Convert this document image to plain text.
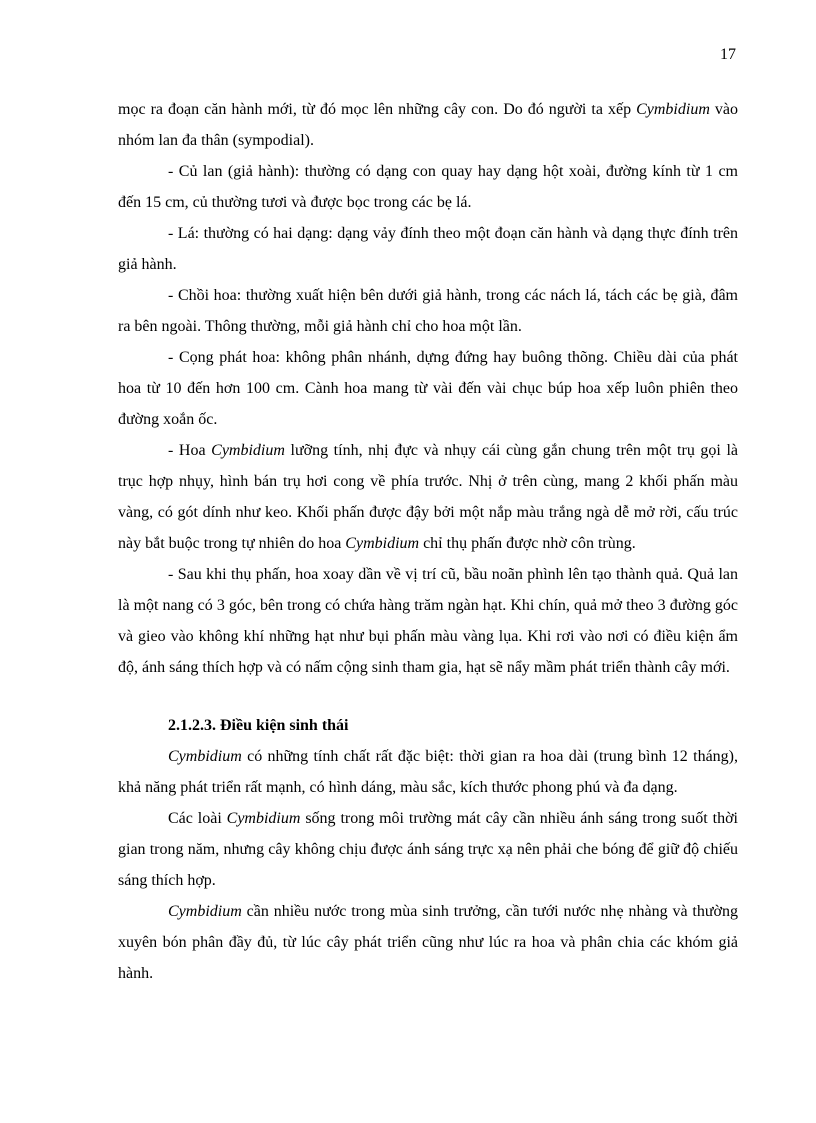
17

mọc ra đoạn căn hành mới, từ đó mọc lên những cây con. Do đó người ta xếp Cymbidium vào nhóm lan đa thân (sympodial).

- Củ lan (giả hành): thường có dạng con quay hay dạng hột xoài, đường kính từ 1 cm đến 15 cm, củ thường tươi và được bọc trong các bẹ lá.

- Lá: thường có hai dạng: dạng vảy đính theo một đoạn căn hành và dạng thực đính trên giả hành.

- Chồi hoa: thường xuất hiện bên dưới giả hành, trong các nách lá, tách các bẹ già, đâm ra bên ngoài. Thông thường, mỗi giả hành chỉ cho hoa một lần.

- Cọng phát hoa: không phân nhánh, dựng đứng hay buông thõng. Chiều dài của phát hoa từ 10 đến hơn 100 cm. Cành hoa mang từ vài đến vài chục búp hoa xếp luôn phiên theo đường xoắn ốc.

- Hoa Cymbidium lưỡng tính, nhị đực và nhụy cái cùng gắn chung trên một trụ gọi là trục hợp nhụy, hình bán trụ hơi cong về phía trước. Nhị ở trên cùng, mang 2 khối phấn màu vàng, có gót dính như keo. Khối phấn được đậy bởi một nắp màu trắng ngà dễ mở rời, cấu trúc này bắt buộc trong tự nhiên do hoa Cymbidium chỉ thụ phấn được nhờ côn trùng.

- Sau khi thụ phấn, hoa xoay dần về vị trí cũ, bầu noãn phình lên tạo thành quả. Quả lan là một nang có 3 góc, bên trong có chứa hàng trăm ngàn hạt. Khi chín, quả mở theo 3 đường góc và gieo vào không khí những hạt như bụi phấn màu vàng lụa. Khi rơi vào nơi có điều kiện ẩm độ, ánh sáng thích hợp và có nấm cộng sinh tham gia, hạt sẽ nẩy mầm phát triển thành cây mới.

2.1.2.3. Điều kiện sinh thái

Cymbidium có những tính chất rất đặc biệt: thời gian ra hoa dài (trung bình 12 tháng), khả năng phát triển rất mạnh, có hình dáng, màu sắc, kích thước phong phú và đa dạng.

Các loài Cymbidium sống trong môi trường mát cây cần nhiều ánh sáng trong suốt thời gian trong năm, nhưng cây không chịu được ánh sáng trực xạ nên phải che bóng để giữ độ chiếu sáng thích hợp.

Cymbidium cần nhiều nước trong mùa sinh trưởng, cần tưới nước nhẹ nhàng và thường xuyên bón phân đầy đủ, từ lúc cây phát triển cũng như lúc ra hoa và phân chia các khóm giả hành.
